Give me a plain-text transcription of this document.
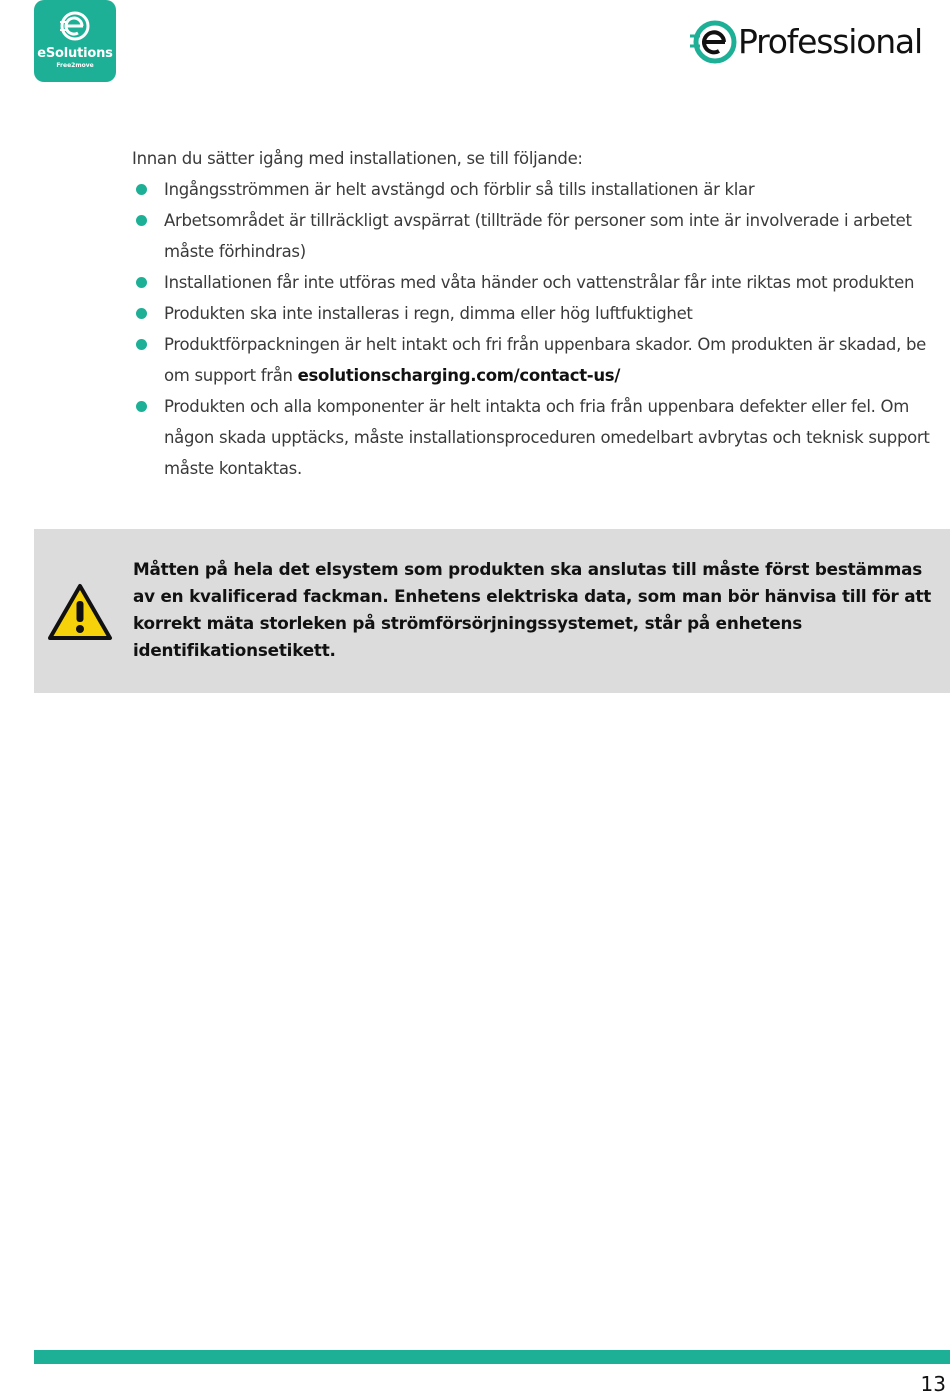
eSolutions
Free2move
Professional

Innan du sätter igång med installationen, se till följande:

Ingångsströmmen är helt avstängd och förblir så tills installationen är klar
Arbetsområdet är tillräckligt avspärrat (tillträde för personer som inte är involverade i arbetet måste förhindras)
Installationen får inte utföras med våta händer och vattenstrålar får inte riktas mot produkten
Produkten ska inte installeras i regn, dimma eller hög luftfuktighet
Produktförpackningen är helt intakt och fri från uppenbara skador. Om produkten är skadad, be om support från esolutionscharging.com/contact-us/
Produkten och alla komponenter är helt intakta och fria från uppenbara defekter eller fel. Om någon skada upptäcks, måste installationsproceduren omedelbart avbrytas och teknisk support måste kontaktas.
Måtten på hela det elsystem som produkten ska anslutas till måste först bestämmas av en kvalificerad fackman. Enhetens elektriska data, som man bör hänvisa till för att korrekt mäta storleken på strömförsörjningssystemet, står på enhetens identifikationsetikett.
13
